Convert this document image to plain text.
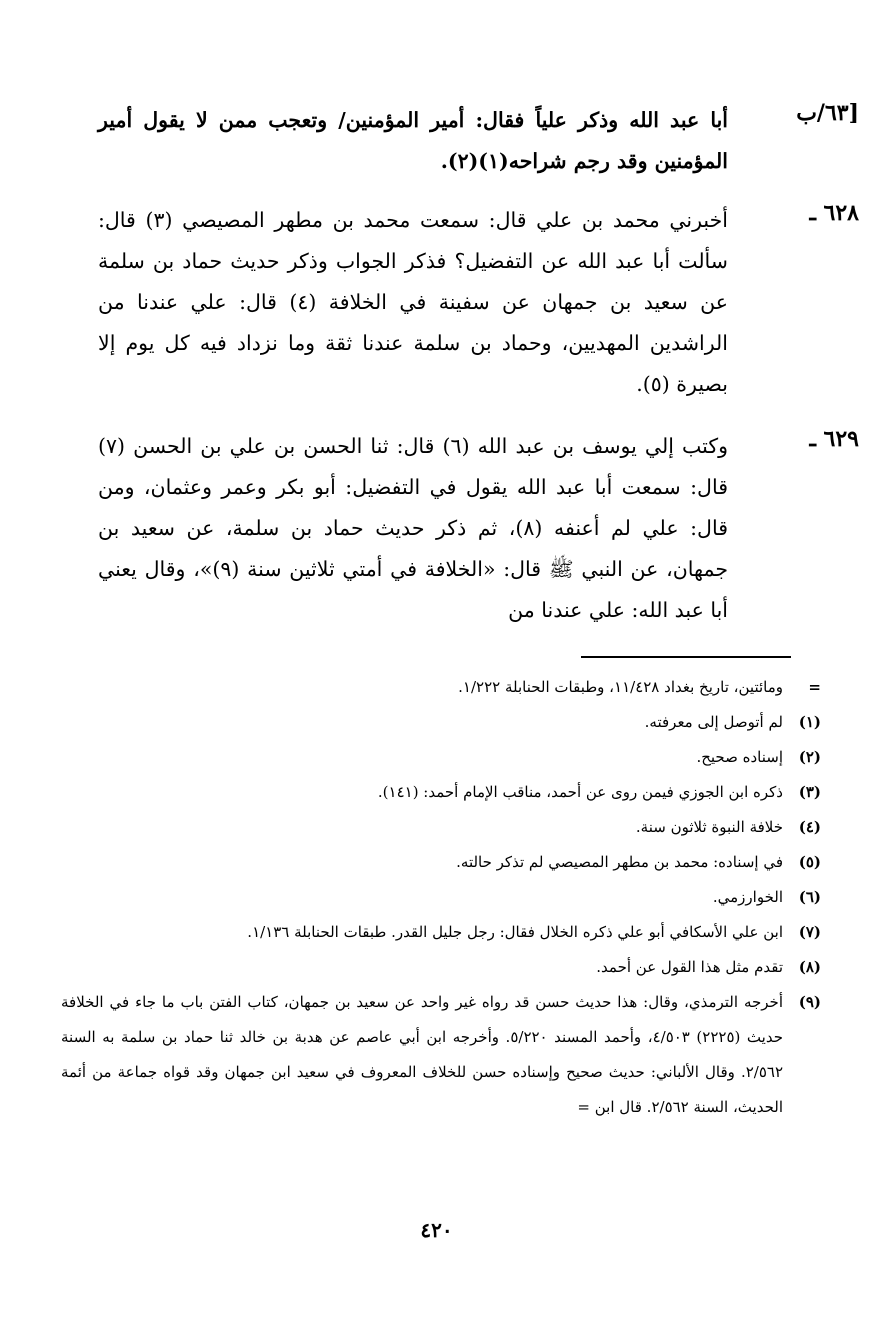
[٦٣/ب

أبا عبد الله وذكر علياً فقال: أمير المؤمنين/ وتعجب ممن لا يقول أمير المؤمنين وقد رجم شراحه(١)(٢).

٦٢٨ ـ

أخبرني محمد بن علي قال: سمعت محمد بن مطهر المصيصي (٣) قال: سألت أبا عبد الله عن التفضيل؟ فذكر الجواب وذكر حديث حماد بن سلمة عن سعيد بن جمهان عن سفينة في الخلافة (٤) قال: علي عندنا من الراشدين المهديين، وحماد بن سلمة عندنا ثقة وما نزداد فيه كل يوم إلا بصيرة (٥).

٦٢٩ ـ

وكتب إلي يوسف بن عبد الله (٦) قال: ثنا الحسن بن علي بن الحسن (٧) قال: سمعت أبا عبد الله يقول في التفضيل: أبو بكر وعمر وعثمان، ومن قال: علي لم أعنفه (٨)، ثم ذكر حديث حماد بن سلمة، عن سعيد بن جمهان، عن النبي ﷺ قال: «الخلافة في أمتي ثلاثين سنة (٩)»، وقال يعني أبا عبد الله: علي عندنا من

=
ومائتين، تاريخ بغداد ١١/٤٢٨، وطبقات الحنابلة ١/٢٢٢.
(١)
لم أتوصل إلى معرفته.
(٢)
إسناده صحيح.
(٣)
ذكره ابن الجوزي فيمن روى عن أحمد، مناقب الإمام أحمد: (١٤١).
(٤)
خلافة النبوة ثلاثون سنة.
(٥)
في إسناده: محمد بن مطهر المصيصي لم تذكر حالته.
(٦)
الخوارزمي.
(٧)
ابن علي الأسكافي أبو علي ذكره الخلال فقال: رجل جليل القدر. طبقات الحنابلة ١/١٣٦.
(٨)
تقدم مثل هذا القول عن أحمد.
(٩)
أخرجه الترمذي، وقال: هذا حديث حسن قد رواه غير واحد عن سعيد بن جمهان، كتاب الفتن باب ما جاء في الخلافة حديث (٢٢٢٥) ٤/٥٠٣، وأحمد المسند ٥/٢٢٠. وأخرجه ابن أبي عاصم عن هدبة بن خالد ثنا حماد بن سلمة به السنة ٢/٥٦٢. وقال الألباني: حديث صحيح وإسناده حسن للخلاف المعروف في سعيد ابن جمهان وقد قواه جماعة من أئمة الحديث، السنة ٢/٥٦٢. قال ابن =
٤٢٠
